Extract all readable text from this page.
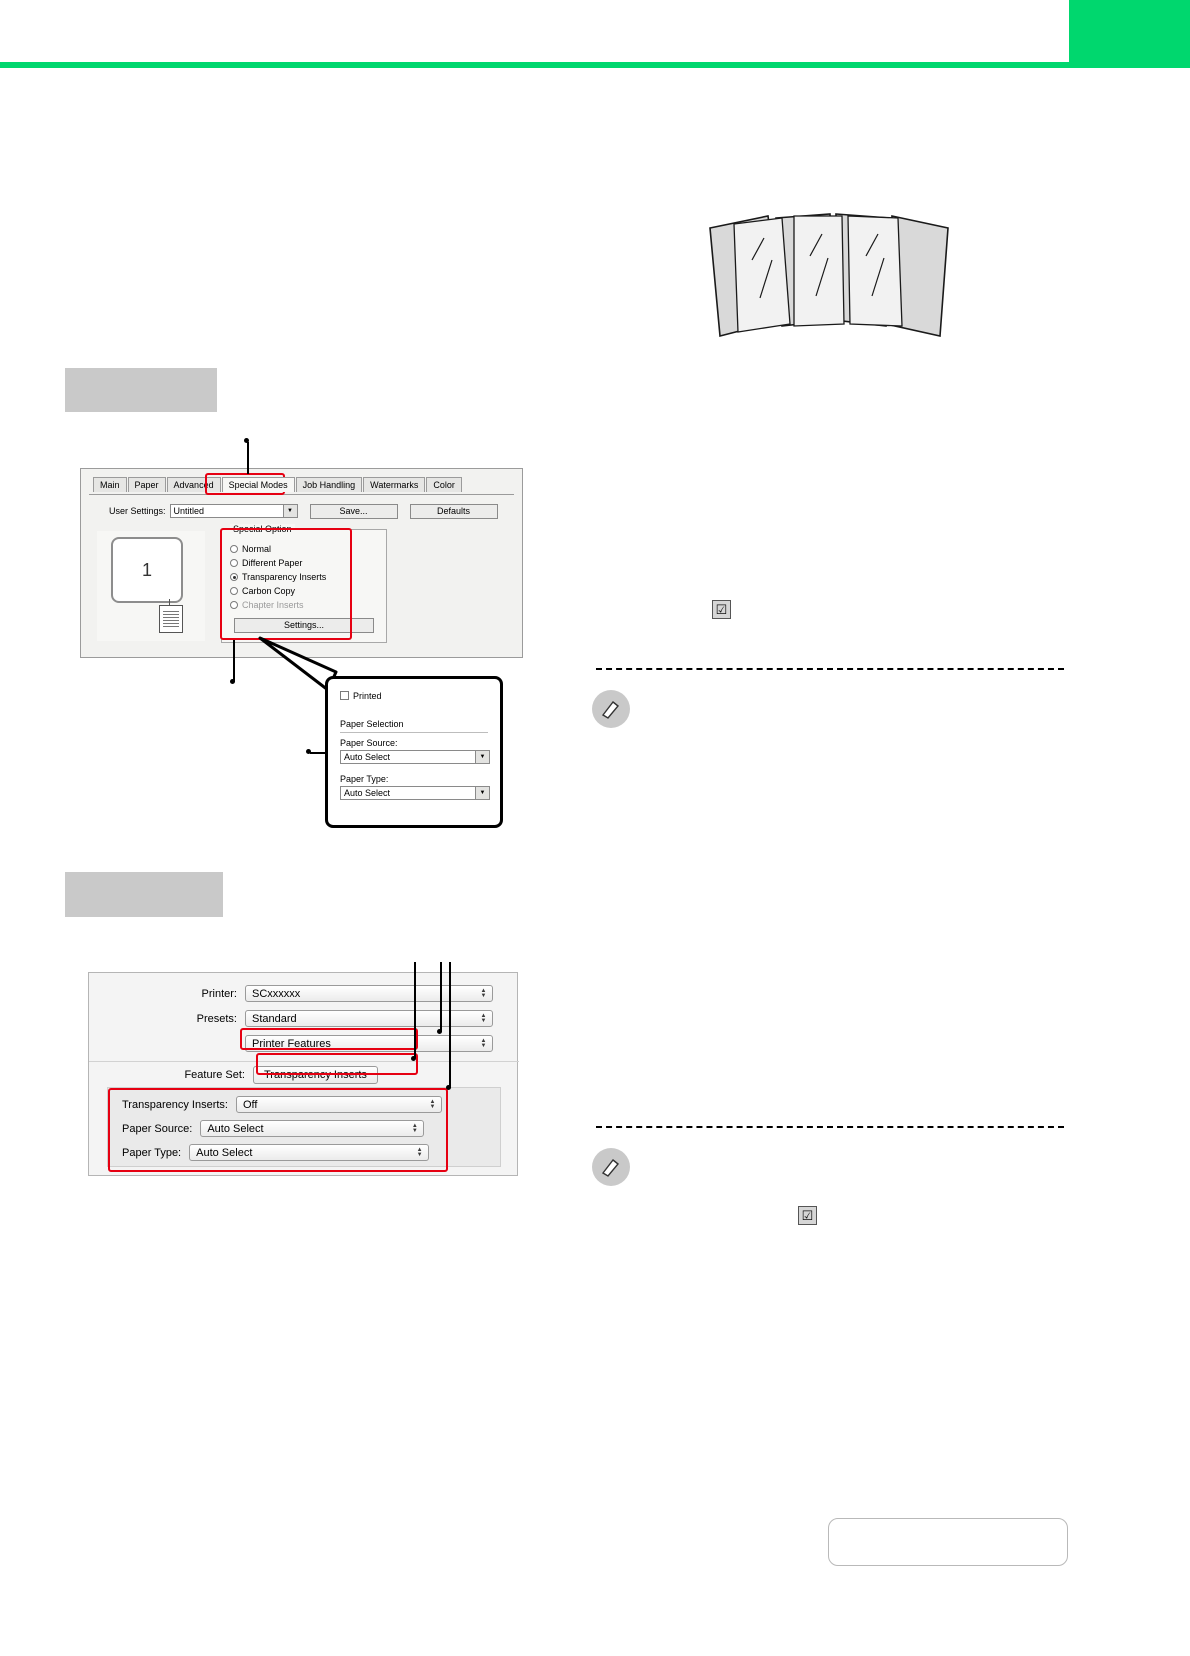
Main	Paper	Advanced	Special Modes	Job Handling	Watermarks	Color
User Settings: Untitled	▼	Save...	Defaults
1
Special Option
Normal
Different Paper
Transparency Inserts
Carbon Copy
Chapter Inserts
Settings...
Printed
Paper Selection
Paper Source:
Auto Select	▼
Paper Type:
Auto Select	▼
Printer:	SCxxxxxx	▲
▼
Presets:	Standard	▲
▼
Printer Features	▲
▼
Feature Set:	Transparency Inserts
Transparency Inserts:	Off	▲
▼
Paper Source:	Auto Select	▲
▼
Paper Type:	Auto Select	▲
▼
☑
☑
